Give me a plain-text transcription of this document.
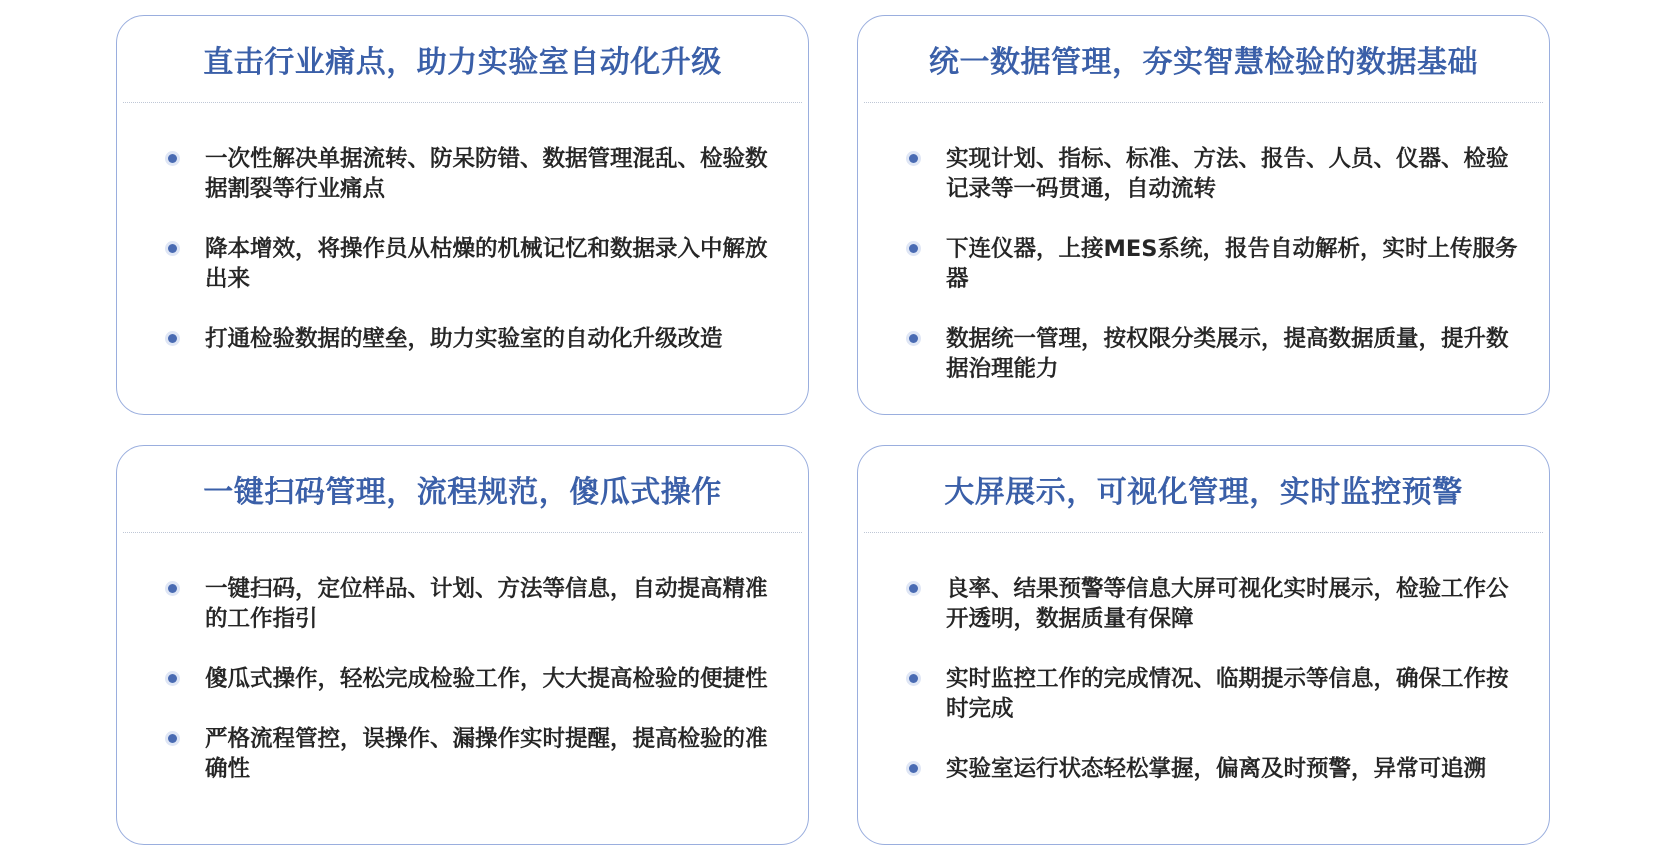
直击行业痛点，助力实验室自动化升级
一次性解决单据流转、防呆防错、数据管理混乱、检验数据割裂等行业痛点
降本增效，将操作员从枯燥的机械记忆和数据录入中解放出来
打通检验数据的壁垒，助力实验室的自动化升级改造
统一数据管理，夯实智慧检验的数据基础
实现计划、指标、标准、方法、报告、人员、仪器、检验记录等一码贯通，自动流转
下连仪器，上接MES系统，报告自动解析，实时上传服务器
数据统一管理，按权限分类展示，提高数据质量，提升数据治理能力
一键扫码管理，流程规范，傻瓜式操作
一键扫码，定位样品、计划、方法等信息，自动提高精准的工作指引
傻瓜式操作，轻松完成检验工作，大大提高检验的便捷性
严格流程管控，误操作、漏操作实时提醒，提高检验的准确性
大屏展示，可视化管理，实时监控预警
良率、结果预警等信息大屏可视化实时展示，检验工作公开透明，数据质量有保障
实时监控工作的完成情况、临期提示等信息，确保工作按时完成
实验室运行状态轻松掌握，偏离及时预警，异常可追溯
